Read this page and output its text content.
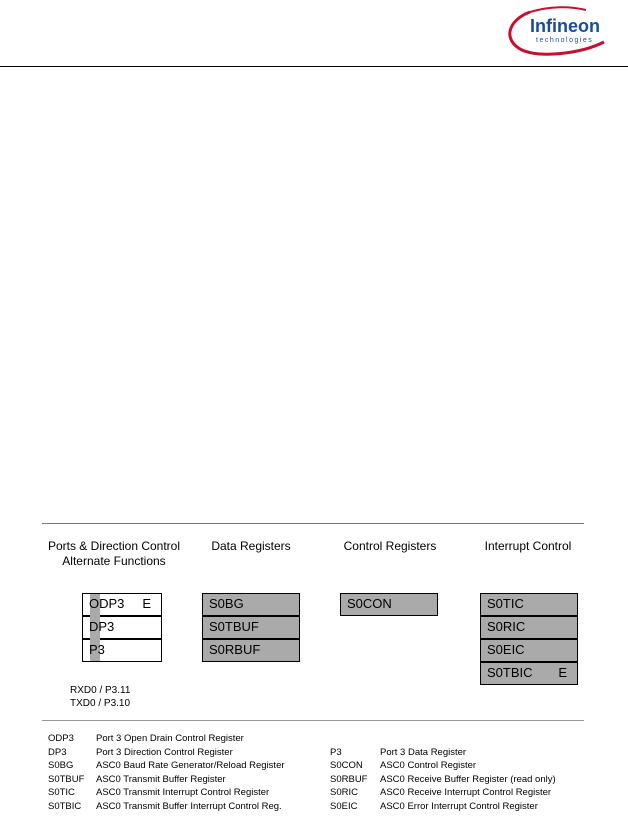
Infineon
technologies
Ports & Direction Control
Alternate Functions
Data Registers	Control Registers	Interrupt Control
E
ODP3
DP3
P3
RXD0 / P3.11
TXD0 / P3.10
S0BG
S0TBUF
S0RBUF
S0CON	S0TIC
S0RIC
S0EIC
S0TBIC E
ODP3 Port 3 Open Drain Control Register
DP3	Port 3 Direction Control Register
S0BG ASC0 Baud Rate Generator/Reload Register
S0TBUF ASC0 Transmit Buffer Register
S0TIC ASC0 Transmit Interrupt Control Register
S0TBIC ASC0 Transmit Buffer Interrupt Control Reg.
P3	Port 3 Data Register
S0CON ASC0 Control Register
S0RBUF ASC0 Receive Buffer Register (read only)
S0RIC ASC0 Receive Interrupt Control Register
S0EIC ASC0 Error Interrupt Control Register
